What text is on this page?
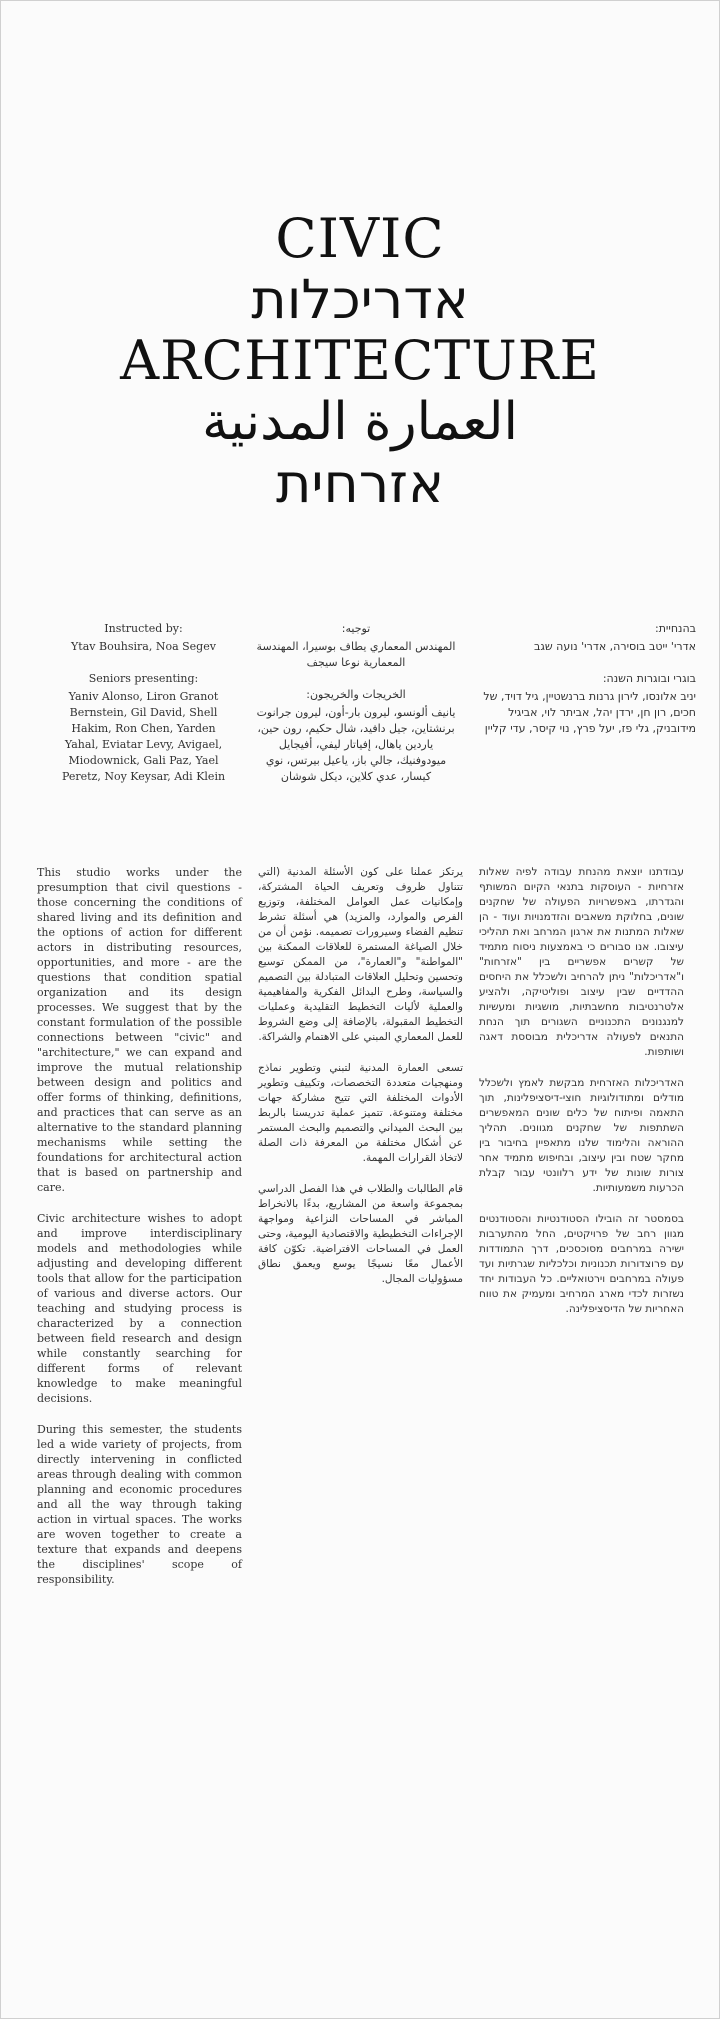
CIVIC
אדריכלות
ARCHITECTURE
العمارة المدنية
אזרחית
Instructed by:
Ytav Bouhsira, Noa Segev
Seniors presenting:
Yaniv Alonso, Liron Granot Bernstein, Gil David, Shell Hakim, Ron Chen, Yarden Yahal, Eviatar Levy, Avigael, Miodownick, Gali Paz, Yael Peretz, Noy Keysar, Adi Klein
توجيه:
المهندس المعماري يطاف بوسيرا، المهندسة المعمارية نوعا سيجف
الخريجات والخريجون:
يانيف ألونسو، ليرون بار-أون، ليرون جرانوت برنشتاين، جيل دافيد، شال حكيم، رون حين، ياردين ياهال، إفياتار ليفي، أفيجايل ميودوفنيك، جالي باز، ياعيل بيرتس، نوي كيسار، عدي كلاين، ديكل شوشان
בהנחיית:
אדרי' ייטב בוסירה, אדרי' נועה שגב
בוגרי ובוגרות השנה:
יניב אלונסו, לירון גרנות ברנשטיין, גיל דויד, של חכים, רון חן, ירדן יהל, אביתר לוי, אביגיל מידובניק, גלי פז, יעל פרץ, נוי קיסר, עדי קליין

This studio works under the presumption that civil questions - those concerning the conditions of shared living and its definition and the options of action for different actors in distributing resources, opportunities, and more - are the questions that condition spatial organization and its design processes. We suggest that by the constant formulation of the possible connections between "civic" and "architecture," we can expand and improve the mutual relationship between design and politics and offer forms of thinking, definitions, and practices that can serve as an alternative to the standard planning mechanisms while setting the foundations for architectural action that is based on partnership and care.

Civic architecture wishes to adopt and improve interdisciplinary models and methodologies while adjusting and developing different tools that allow for the participation of various and diverse actors. Our teaching and studying process is characterized by a connection between field research and design while constantly searching for different forms of relevant knowledge to make meaningful decisions.

During this semester, the students led a wide variety of projects, from directly intervening in conflicted areas through dealing with common planning and economic procedures and all the way through taking action in virtual spaces. The works are woven together to create a texture that expands and deepens the disciplines' scope of responsibility.

يرتكز عملنا على كون الأسئلة المدنية (التي تتناول ظروف وتعريف الحياة المشتركة، وإمكانيات عمل العوامل المختلفة، وتوزيع الفرص والموارد، والمزيد) هي أسئلة تشرط تنظيم الفضاء وسيرورات تصميمه. نؤمن أن من خلال الصياغة المستمرة للعلاقات الممكنة بين "المواطنة" و"العمارة"، من الممكن توسيع وتحسين وتحليل العلاقات المتبادلة بين التصميم والسياسة، وطرح البدائل الفكرية والمفاهيمية والعملية لأليات التخطيط التقليدية وعمليات التخطيط المقبولة، بالإضافة إلى وضع الشروط للعمل المعماري المبني على الاهتمام والشراكة.

تسعى العمارة المدنية لتبني وتطوير نماذج ومنهجيات متعددة التخصصات، وتكييف وتطوير الأدوات المختلفة التي تتيح مشاركة جهات مختلفة ومتنوعة. تتميز عملية تدريسنا بالربط بين البحث الميداني والتصميم والبحث المستمر عن أشكال مختلفة من المعرفة ذات الصلة لاتخاذ القرارات المهمة.

قام الطالبات والطلاب في هذا الفصل الدراسي بمجموعة واسعة من المشاريع، بدءًا بالانخراط المباشر في المساحات النزاعية ومواجهة الإجراءات التخطيطية والاقتصادية اليومية، وحتى العمل في المساحات الافتراضية. تكوّن كافة الأعمال معًا نسيجًا يوسع ويعمق نطاق مسؤوليات المجال.

עבודתנו יוצאת מהנחת עבודה לפיה שאלות אזרחיות - העוסקות בתנאי הקיום המשותף והגדרתו, באפשרויות הפעולה של שחקנים שונים, בחלוקת משאבים והזדמנויות ועוד - הן שאלות המתנות את ארגון המרחב ואת תהליכי עיצובו. אנו סבורים כי באמצעות ניסוח מתמיד של קשרים אפשריים בין "אזרחות" ו"אדריכלות" ניתן להרחיב ולשכלל את היחסים ההדדיים שבין עיצוב ופוליטיקה, ולהציע אלטרנטיבות מחשבתיות, מושגיות ומעשיות למנגנונים התכנוניים השגורים תוך הנחת התנאים לפעולה אדריכלית מבוססת דאגה ושותפות.

האדריכלות האזרחית מבקשת לאמץ ולשכלל מודלים ומתודולוגיות חוצי-דיסציפלינות, תוך התאמה ופיתוח של כלים שונים המאפשרים השתתפות של שחקנים מגוונים. תהליך ההוראה והלימוד שלנו מתאפיין בחיבור בין מחקר שטח ובין עיצוב, ובחיפוש מתמיד אחר צורות שונות של ידע רלוונטי עבור קבלת הכרעות משמעותיות.

בסמסטר זה הובילו הסטודנטיות והסטודנטים מגוון רחב של פרויקטים, החל מהתערבות ישירה במרחבים מסוכסכים, דרך התמודדות עם פרוצדורות תכנוניות וכלכליות שגרתיות ועד פעולה במרחבים וירטואליים. כל העבודות יחד נשזרות לכדי מארג המרחיב ומעמיק את טווח האחריות של הדיסציפלינה.
